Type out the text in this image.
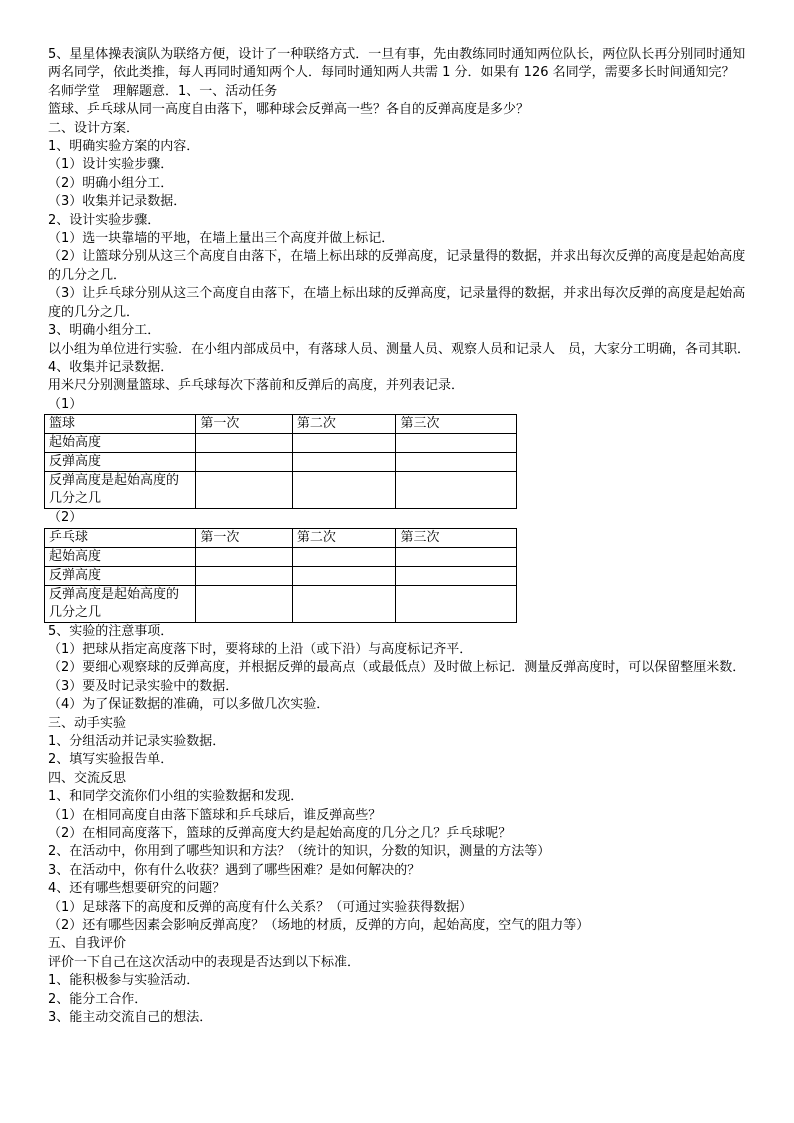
5、星星体操表演队为联络方便，设计了一种联络方式．一旦有事，先由教练同时通知两位队长，两位队长再分别同时通知两名同学，依此类推，每人再同时通知两个人．每同时通知两人共需 1 分．如果有 126 名同学，需要多长时间通知完？
名师学堂　理解题意．1、一、活动任务
篮球、乒乓球从同一高度自由落下，哪种球会反弹高一些？各自的反弹高度是多少？
二、设计方案．
1、明确实验方案的内容．
（1）设计实验步骤．
（2）明确小组分工．
（3）收集并记录数据．
2、设计实验步骤．
（1）选一块靠墙的平地，在墙上量出三个高度并做上标记．
（2）让篮球分别从这三个高度自由落下，在墙上标出球的反弹高度，记录量得的数据，并求出每次反弹的高度是起始高度的几分之几．
（3）让乒乓球分别从这三个高度自由落下，在墙上标出球的反弹高度，记录量得的数据，并求出每次反弹的高度是起始高度的几分之几．
3、明确小组分工．
以小组为单位进行实验．在小组内部成员中，有落球人员、测量人员、观察人员和记录人　员，大家分工明确，各司其职．
4、收集并记录数据．
用米尺分别测量篮球、乒乓球每次下落前和反弹后的高度，并列表记录．
（1）
篮球	第一次	第二次	第三次
起始高度			
反弹高度			
反弹高度是起始高度的几分之几			
（2）
乒乓球	第一次	第二次	第三次
起始高度			
反弹高度			
反弹高度是起始高度的几分之几			
5、实验的注意事项．
（1）把球从指定高度落下时，要将球的上沿（或下沿）与高度标记齐平．
（2）要细心观察球的反弹高度，并根据反弹的最高点（或最低点）及时做上标记．测量反弹高度时，可以保留整厘米数．
（3）要及时记录实验中的数据．
（4）为了保证数据的准确，可以多做几次实验．
三、动手实验
1、分组活动并记录实验数据．
2、填写实验报告单．
四、交流反思
1、和同学交流你们小组的实验数据和发现．
（1）在相同高度自由落下篮球和乒乓球后，谁反弹高些？
（2）在相同高度落下，篮球的反弹高度大约是起始高度的几分之几？乒乓球呢？
2、在活动中，你用到了哪些知识和方法？（统计的知识，分数的知识，测量的方法等）
3、在活动中，你有什么收获？遇到了哪些困难？是如何解决的？
4、还有哪些想要研究的问题？
（1）足球落下的高度和反弹的高度有什么关系？（可通过实验获得数据）
（2）还有哪些因素会影响反弹高度？（场地的材质，反弹的方向，起始高度，空气的阻力等）
五、自我评价
评价一下自己在这次活动中的表现是否达到以下标准．
1、能积极参与实验活动．
2、能分工合作．
3、能主动交流自己的想法．
